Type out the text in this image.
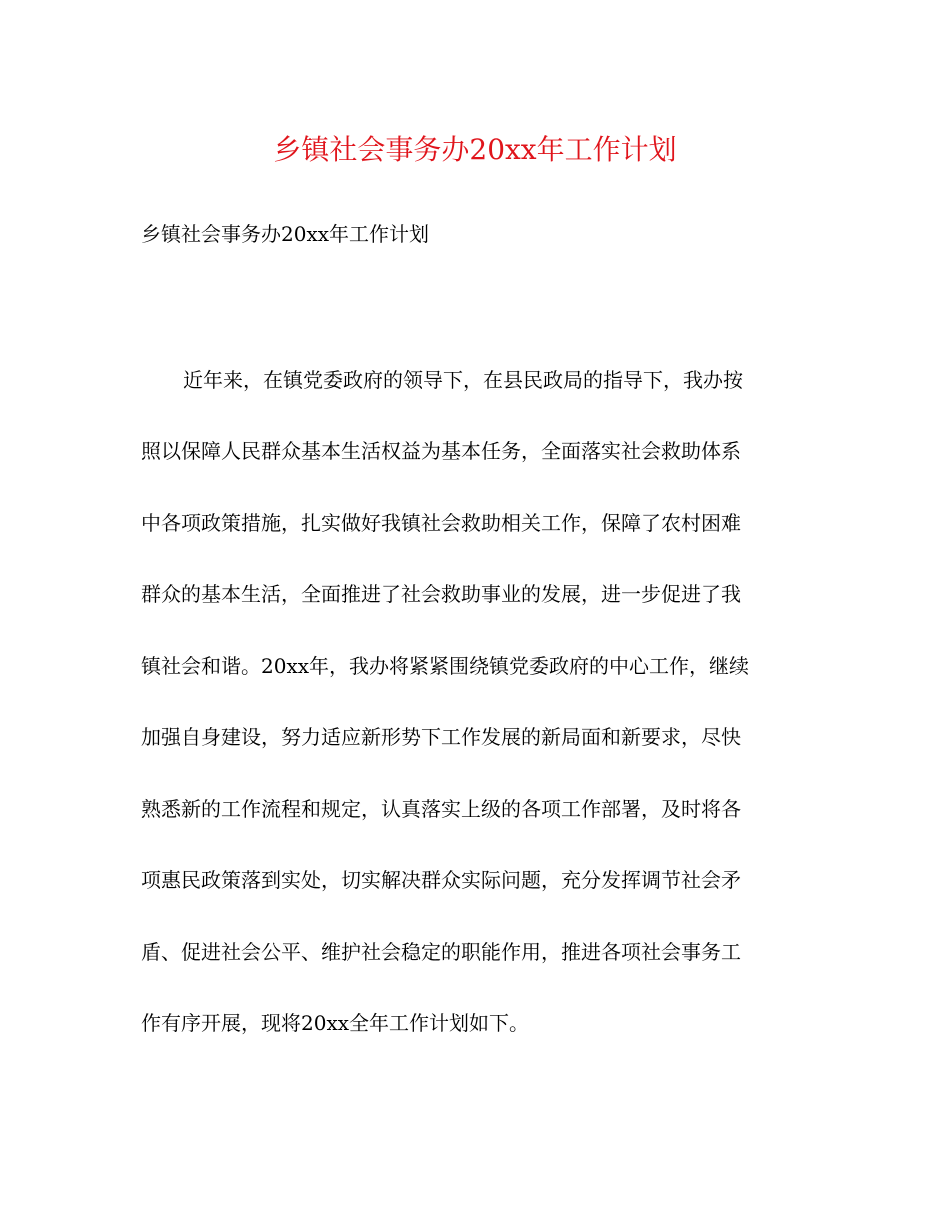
乡镇社会事务办20xx年工作计划

乡镇社会事务办20xx年工作计划

近年来，在镇党委政府的领导下，在县民政局的指导下，我办按

照以保障人民群众基本生活权益为基本任务，全面落实社会救助体系

中各项政策措施，扎实做好我镇社会救助相关工作，保障了农村困难

群众的基本生活，全面推进了社会救助事业的发展，进一步促进了我

镇社会和谐。20xx年，我办将紧紧围绕镇党委政府的中心工作，继续

加强自身建设，努力适应新形势下工作发展的新局面和新要求，尽快

熟悉新的工作流程和规定，认真落实上级的各项工作部署，及时将各

项惠民政策落到实处，切实解决群众实际问题，充分发挥调节社会矛

盾、促进社会公平、维护社会稳定的职能作用，推进各项社会事务工

作有序开展，现将20xx全年工作计划如下。
